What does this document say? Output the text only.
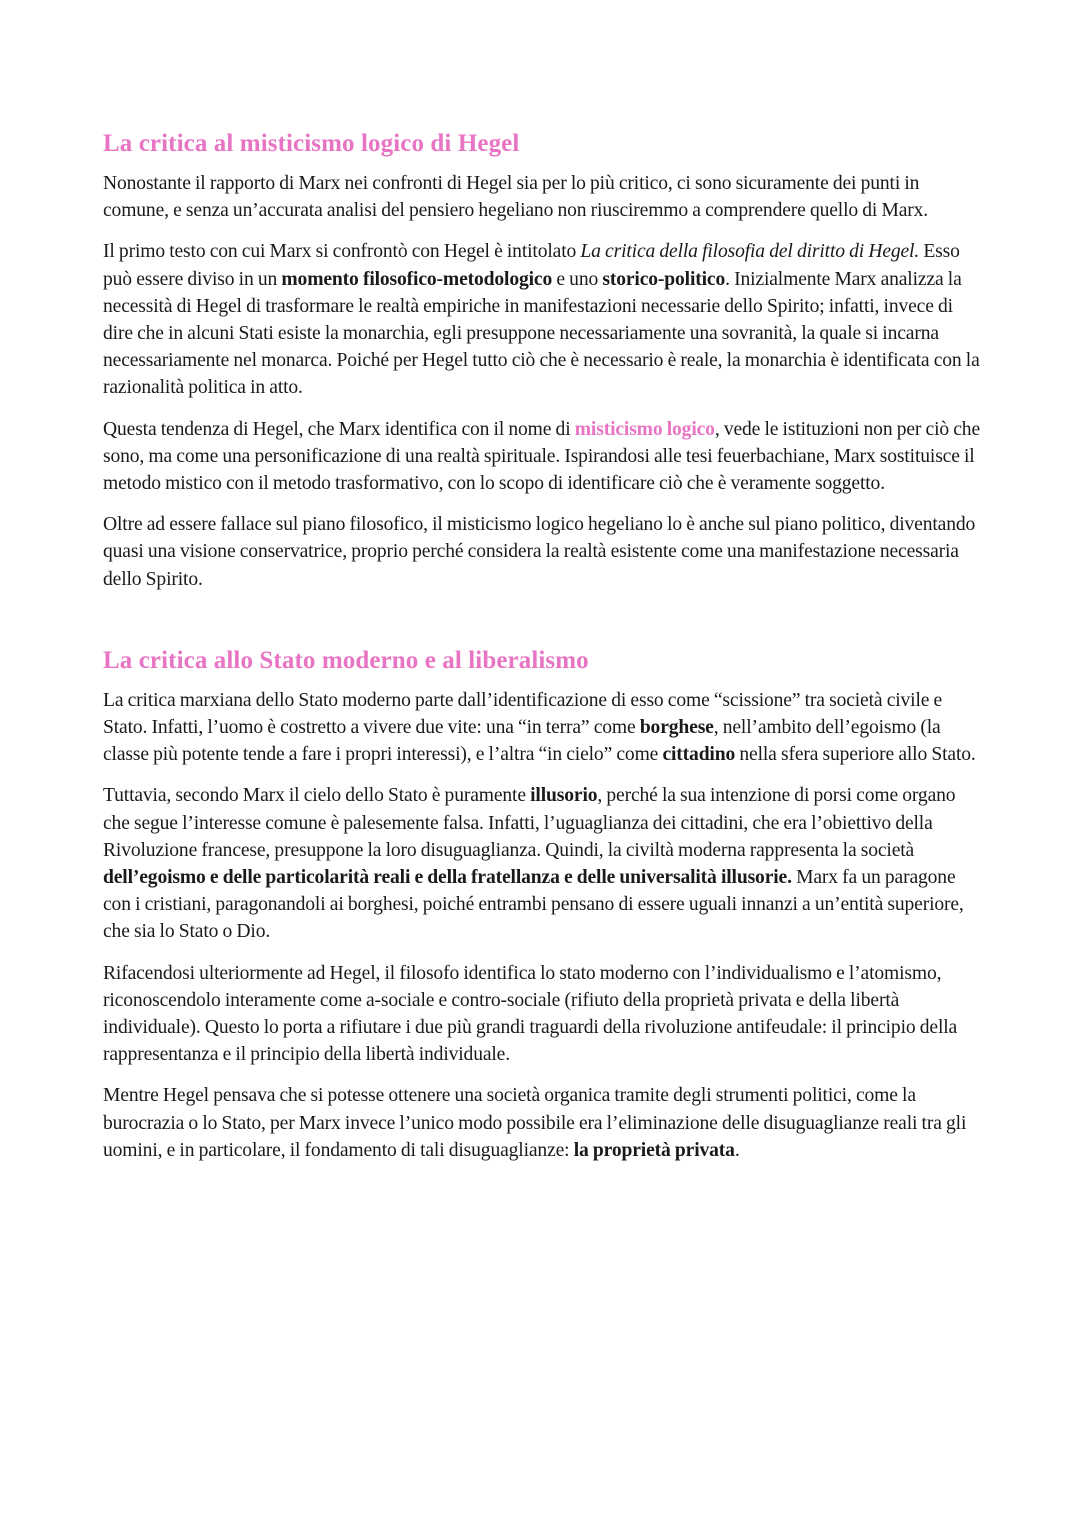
La critica al misticismo logico di Hegel

Nonostante il rapporto di Marx nei confronti di Hegel sia per lo più critico, ci sono sicuramente dei punti in comune, e senza un’accurata analisi del pensiero hegeliano non riusciremmo a comprendere quello di Marx.

Il primo testo con cui Marx si confrontò con Hegel è intitolato La critica della filosofia del diritto di Hegel. Esso può essere diviso in un momento filosofico-metodologico e uno storico-politico. Inizialmente Marx analizza la necessità di Hegel di trasformare le realtà empiriche in manifestazioni necessarie dello Spirito; infatti, invece di dire che in alcuni Stati esiste la monarchia, egli presuppone necessariamente una sovranità, la quale si incarna necessariamente nel monarca. Poiché per Hegel tutto ciò che è necessario è reale, la monarchia è identificata con la razionalità politica in atto.

Questa tendenza di Hegel, che Marx identifica con il nome di misticismo logico, vede le istituzioni non per ciò che sono, ma come una personificazione di una realtà spirituale. Ispirandosi alle tesi feuerbachiane, Marx sostituisce il metodo mistico con il metodo trasformativo, con lo scopo di identificare ciò che è veramente soggetto.

Oltre ad essere fallace sul piano filosofico, il misticismo logico hegeliano lo è anche sul piano politico, diventando quasi una visione conservatrice, proprio perché considera la realtà esistente come una manifestazione necessaria dello Spirito.

La critica allo Stato moderno e al liberalismo

La critica marxiana dello Stato moderno parte dall’identificazione di esso come “scissione” tra società civile e Stato. Infatti, l’uomo è costretto a vivere due vite: una “in terra” come borghese, nell’ambito dell’egoismo (la classe più potente tende a fare i propri interessi), e l’altra “in cielo” come cittadino nella sfera superiore allo Stato.

Tuttavia, secondo Marx il cielo dello Stato è puramente illusorio, perché la sua intenzione di porsi come organo che segue l’interesse comune è palesemente falsa. Infatti, l’uguaglianza dei cittadini, che era l’obiettivo della Rivoluzione francese, presuppone la loro disuguaglianza. Quindi, la civiltà moderna rappresenta la società dell’egoismo e delle particolarità reali e della fratellanza e delle universalità illusorie. Marx fa un paragone con i cristiani, paragonandoli ai borghesi, poiché entrambi pensano di essere uguali innanzi a un’entità superiore, che sia lo Stato o Dio.

Rifacendosi ulteriormente ad Hegel, il filosofo identifica lo stato moderno con l’individualismo e l’atomismo, riconoscendolo interamente come a-sociale e contro-sociale (rifiuto della proprietà privata e della libertà individuale). Questo lo porta a rifiutare i due più grandi traguardi della rivoluzione antifeudale: il principio della rappresentanza e il principio della libertà individuale.

Mentre Hegel pensava che si potesse ottenere una società organica tramite degli strumenti politici, come la burocrazia o lo Stato, per Marx invece l’unico modo possibile era l’eliminazione delle disuguaglianze reali tra gli uomini, e in particolare, il fondamento di tali disuguaglianze: la proprietà privata.
